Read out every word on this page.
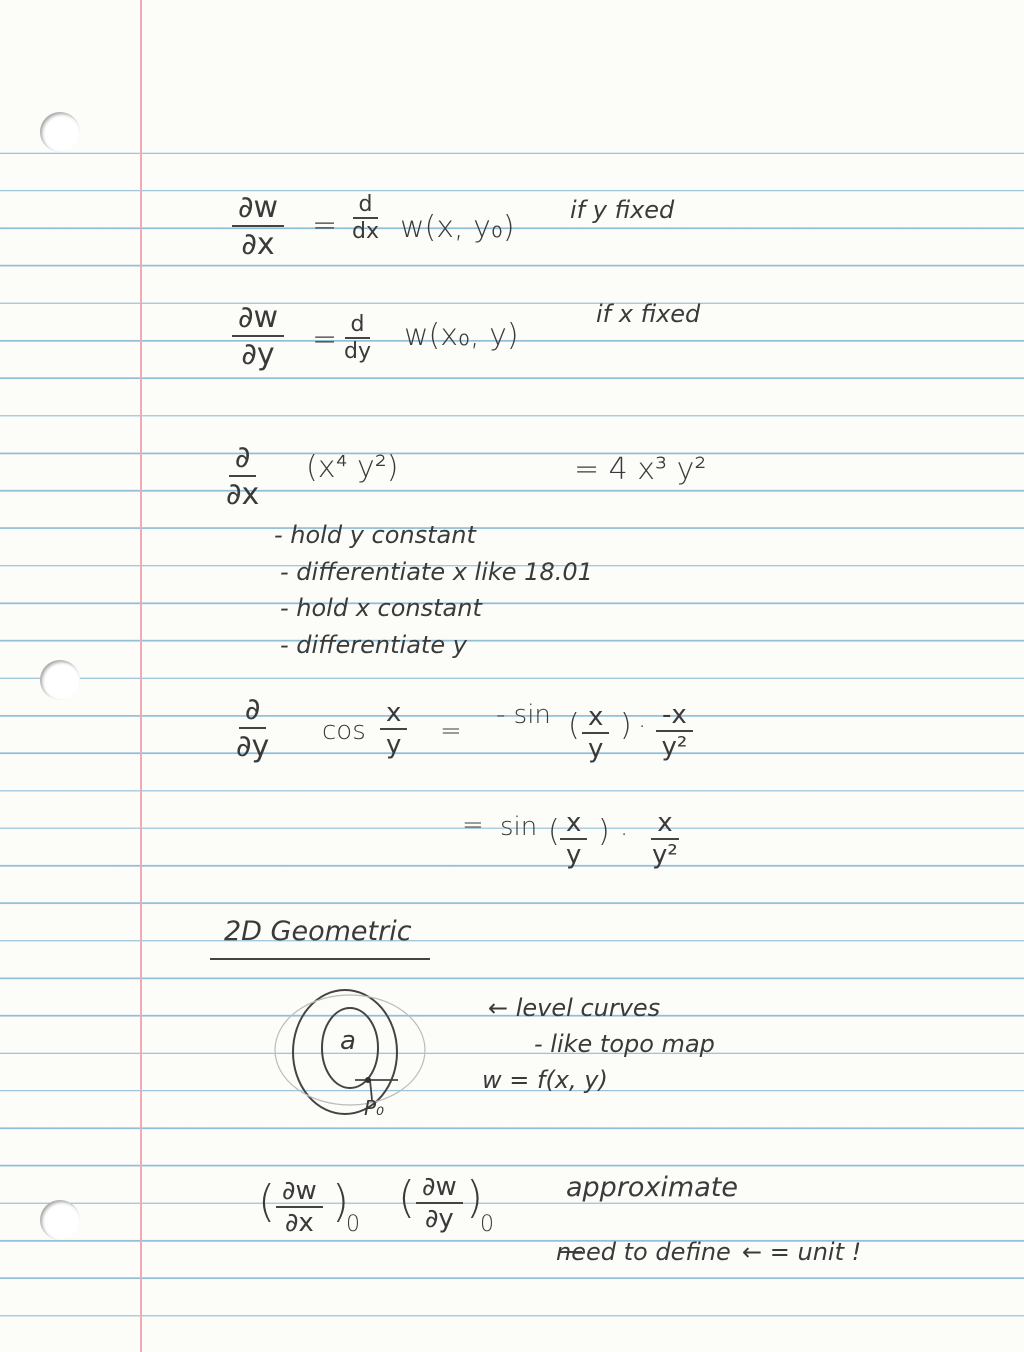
$\frac{\partial w}{\partial x} = \frac{d}{dx} w(x$, y₀) if y fixed
$\frac{\partial w}{\partial y} = \frac{d}{dy} w(x_0$, y)
if x fixed
∂
∂x
(x⁴ y²)	= 4 x³ y²
- hold y constant
- differentiate x like 18.01
- hold x constant
- differentiate y
∂
∂y $\cos \frac{x}{y}$ =
- sin ( $\frac{x}{y}$ ) · $\frac{-x}{\text{y²}}$
= sin ( $\frac{x}{y}$ ) · $\frac{x}{\text{y²}}$
2D Geometric
a
P₀
← level curves
- like topo map
w = f(x, y)
( $\frac{\partial w}{\partial x}$ )
0
( $\frac{\partial w}{\partial y}$ )
0
approximate
need to define ← = unit !
